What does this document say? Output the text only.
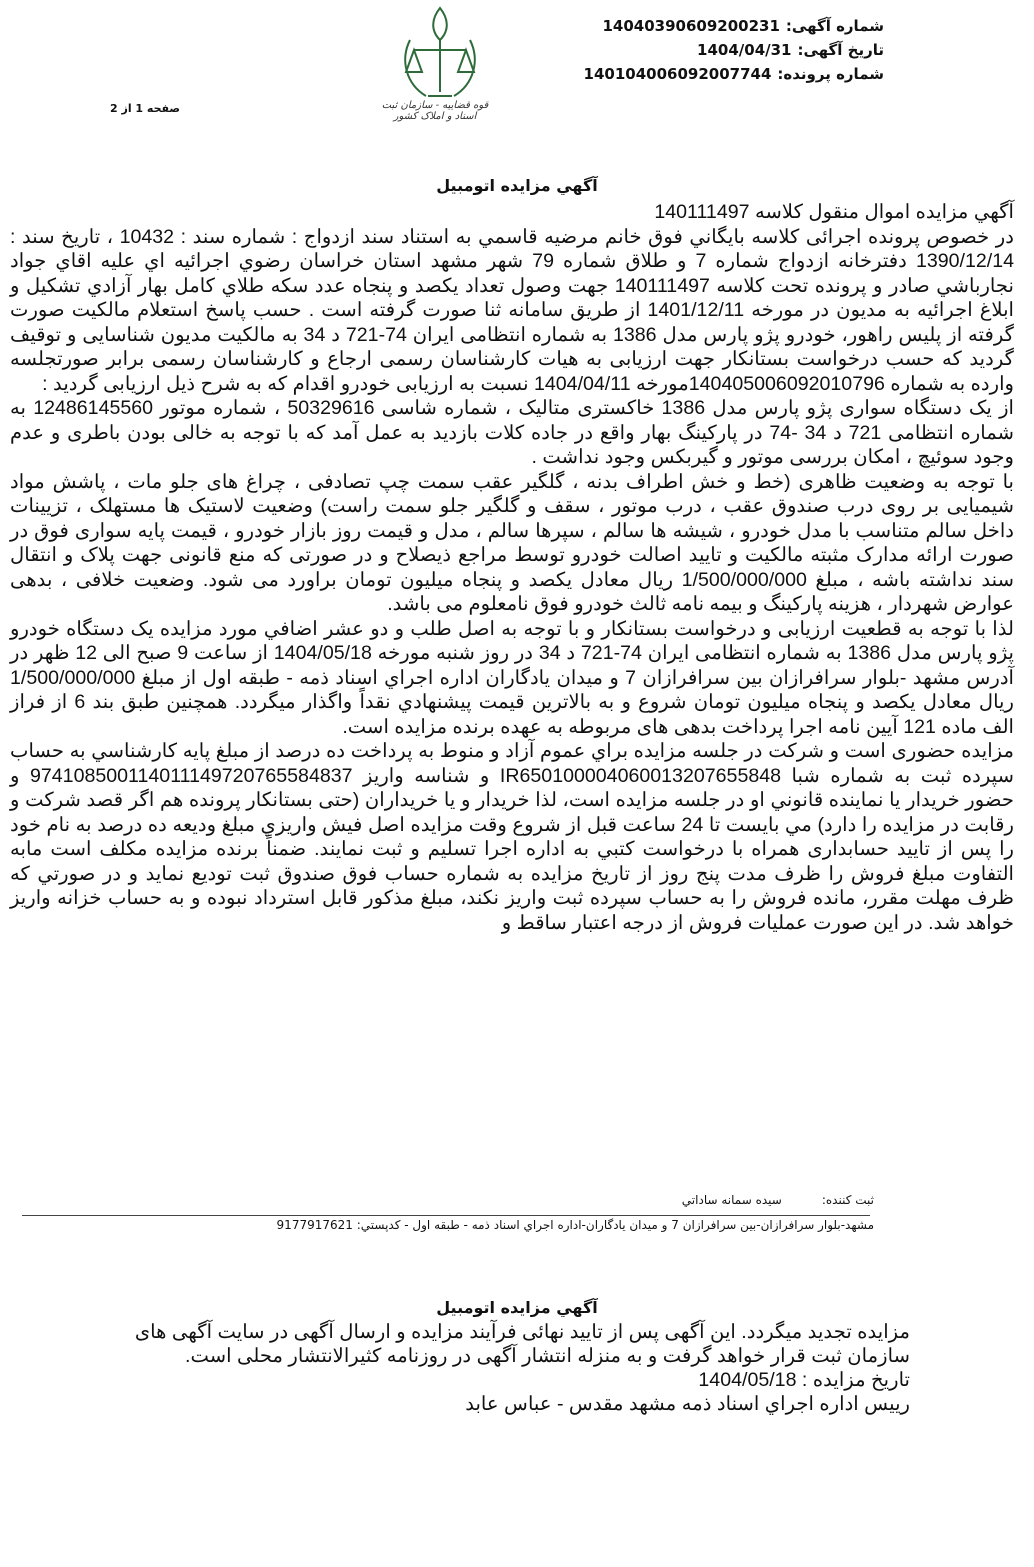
شماره آگهی:14040390609200231
تاریخ آگهی:1404/04/31
شماره پرونده:140104006092007744
قوه قضاییه - سازمان ثبت اسناد و املاک کشور
صفحه 1 از 2
آگهي مزايده اتومبيل

آگهي مزايده اموال منقول کلاسه 140111497

در خصوص پرونده اجرائی کلاسه بايگاني فوق خانم مرضيه قاسمي به استناد سند ازدواج : شماره سند : 10432 ، تاریخ سند : 1390/12/14 دفترخانه ازدواج شماره 7 و طلاق شماره 79 شهر مشهد استان خراسان رضوي اجرائيه اي عليه اقاي جواد نجارباشي صادر و پرونده تحت کلاسه 140111497 جهت وصول تعداد یکصد و پنجاه عدد سکه طلاي کامل بهار آزادي تشکيل و ابلاغ اجرائيه به مديون در مورخه 1401/12/11 از طريق سامانه ثنا صورت گرفته است . حسب پاسخ استعلام مالکیت صورت گرفته از پلیس راهور، خودرو پژو پارس مدل 1386 به شماره انتظامی ایران 74-721 د 34 به مالکیت مدیون شناسایی و توقیف گردید که حسب درخواست بستانکار جهت ارزیابی به هیات کارشناسان رسمی ارجاع و کارشناسان رسمی برابر صورتجلسه وارده به شماره 140405006092010796مورخه 1404/04/11 نسبت به ارزیابی خودرو اقدام که به شرح ذیل ارزیابی گردید :

از یک دستگاه سواری پژو پارس مدل 1386 خاکستری متالیک ، شماره شاسی 50329616 ، شماره موتور 12486145560 به شماره انتظامی 721 د 34 -74 در پارکینگ بهار واقع در جاده کلات بازدید به عمل آمد که با توجه به خالی بودن باطری و عدم وجود سوئیچ ، امکان بررسی موتور و گیربکس وجود نداشت .

با توجه به وضعیت ظاهری (خط و خش اطراف بدنه ، گلگیر عقب سمت چپ تصادفی ، چراغ های جلو مات ، پاشش مواد شیمیایی بر روی درب صندوق عقب ، درب موتور ، سقف و گلگیر جلو سمت راست) وضعیت لاستیک ها مستهلک ، تزیینات داخل سالم متناسب با مدل خودرو ، شیشه ها سالم ، سپرها سالم ، مدل و قیمت روز بازار خودرو ، قیمت پایه سواری فوق در صورت ارائه مدارک مثبته مالکیت و تایید اصالت خودرو توسط مراجع ذیصلاح و در صورتی که منع قانونی جهت پلاک و انتقال سند نداشته باشه ، مبلغ 1/500/000/000 ریال معادل یکصد و پنجاه میلیون تومان براورد می شود. وضعیت خلافی ، بدهی عوارض شهردار ، هزینه پارکینگ و بیمه نامه ثالث خودرو فوق نامعلوم می باشد.

لذا با توجه به قطعيت ارزیابی و درخواست بستانکار و با توجه به اصل طلب و دو عشر اضافي مورد مزايده یک دستگاه خودرو پژو پارس مدل 1386 به شماره انتظامی ایران 74-721 د 34 در روز شنبه مورخه 1404/05/18 از ساعت 9 صبح الی 12 ظهر در آدرس مشهد -بلوار سرافرازان بين سرافرازان 7 و ميدان يادگاران اداره اجراي اسناد ذمه - طبقه اول از مبلغ 1/500/000/000 ريال معادل یکصد و پنجاه ميليون تومان شروع و به بالاترين قيمت پيشنهادي نقداً واگذار ميگردد. همچنين طبق بند 6 از فراز الف ماده 121 آيين نامه اجرا پرداخت بدهی های مربوطه به عهده برنده مزایده است.

مزايده حضوری است و شركت در جلسه مزايده براي عموم آزاد و منوط به پرداخت ده درصد از مبلغ پايه كارشناسي به حساب سپرده ثبت به شماره شبا IR650100004060013207655848 و شناسه واريز 974108500114011149720765584837 و حضور خريدار يا نماينده قانوني او در جلسه مزايده است، لذا خريدار و يا خريداران (حتی بستانکار پرونده هم اگر قصد شرکت و رقابت در مزایده را دارد) مي بايست تا 24 ساعت قبل از شروع وقت مزايده اصل فيش واريزي مبلغ وديعه ده درصد به نام خود را پس از تاييد حسابداری همراه با درخواست كتبي به اداره اجرا تسليم و ثبت نمايند. ضمناً برنده مزايده مكلف است مابه التفاوت مبلغ فروش را ظرف مدت پنج روز از تاريخ مزايده به شماره حساب فوق صندوق ثبت توديع نمايد و در صورتي كه ظرف مهلت مقرر، مانده فروش را به حساب سپرده ثبت واريز نكند، مبلغ مذكور قابل استرداد نبوده و به حساب خزانه واريز خواهد شد. در اين صورت عمليات فروش از درجه اعتبار ساقط و

ثبت كننده:سيده سمانه ساداتي
مشهد-بلوار سرافرازان-بين سرافرازان 7 و ميدان يادگاران-اداره اجراي اسناد ذمه - طبقه اول - كدپستي: 9177917621
آگهي مزايده اتومبيل

مزايده تجديد ميگردد. این آگهی پس از تایید نهائی فرآیند مزایده و ارسال آگهی در سایت آگهی های سازمان ثبت قرار خواهد گرفت و به منزله انتشار آگهی در روزنامه کثیرالانتشار محلی است.

تاريخ مزايده : 1404/05/18

رييس اداره اجراي اسناد ذمه مشهد مقدس - عباس عابد
